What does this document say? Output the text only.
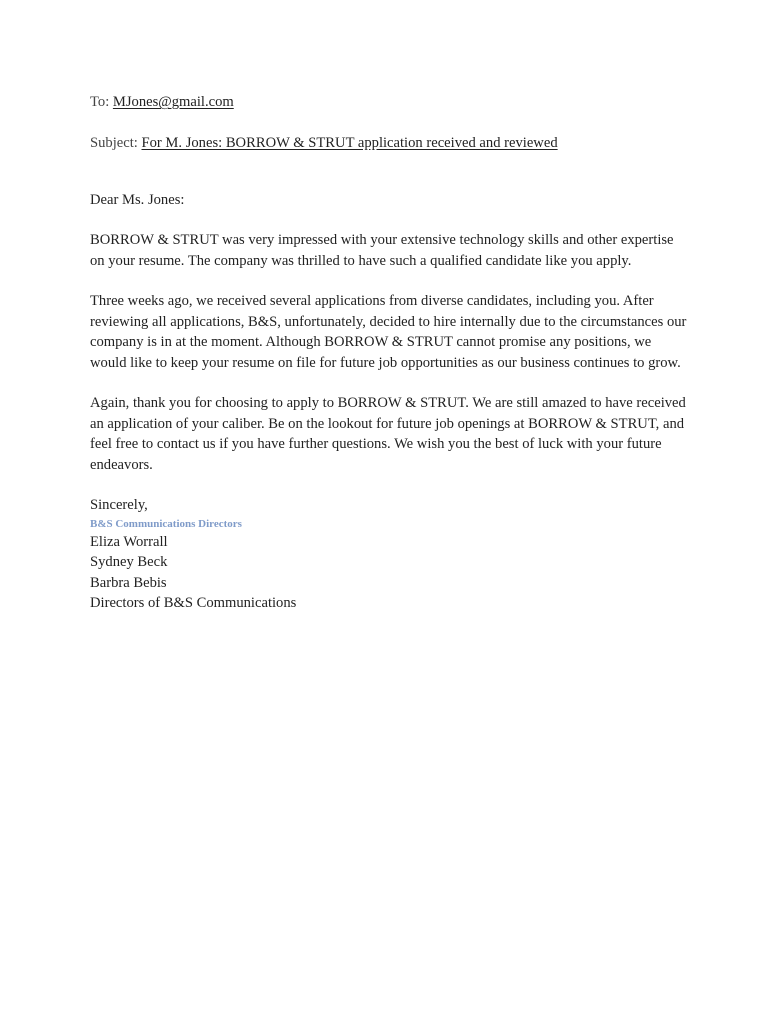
To: MJones@gmail.com

Subject: For M. Jones: BORROW & STRUT application received and reviewed

Dear Ms. Jones:

BORROW & STRUT was very impressed with your extensive technology skills and other expertise on your resume. The company was thrilled to have such a qualified candidate like you apply.

Three weeks ago, we received several applications from diverse candidates, including you. After reviewing all applications, B&S, unfortunately, decided to hire internally due to the circumstances our company is in at the moment. Although BORROW & STRUT cannot promise any positions, we would like to keep your resume on file for future job opportunities as our business continues to grow.

Again, thank you for choosing to apply to BORROW & STRUT. We are still amazed to have received an application of your caliber. Be on the lookout for future job openings at BORROW & STRUT, and feel free to contact us if you have further questions. We wish you the best of luck with your future endeavors.

Sincerely,

B&S Communications Directors

Eliza Worrall

Sydney Beck

Barbra Bebis

Directors of B&S Communications
